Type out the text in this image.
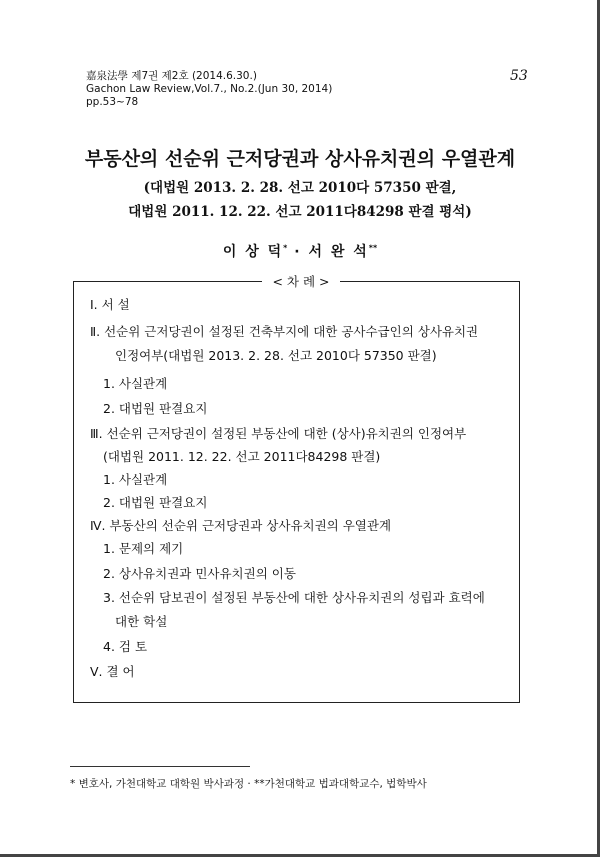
嘉泉法學 제7권 제2호 (2014.6.30.)
Gachon Law Review,Vol.7., No.2.(Jun 30, 2014)
pp.53~78
53
부동산의 선순위 근저당권과 상사유치권의 우열관계
(대법원 2013. 2. 28. 선고 2010다 57350 판결,
대법원 2011. 12. 22. 선고 2011다84298 판결 평석)
이 상 덕* · 서 완 석**
< 차 례 >
Ⅰ. 서 설
Ⅱ. 선순위 근저당권이 설정된 건축부지에 대한 공사수급인의 상사유치권
인정여부(대법원 2013. 2. 28. 선고 2010다 57350 판결)
1. 사실관계
2. 대법원 판결요지
Ⅲ. 선순위 근저당권이 설정된 부동산에 대한 (상사)유치권의 인정여부
(대법원 2011. 12. 22. 선고 2011다84298 판결)
1. 사실관계
2. 대법원 판결요지
Ⅳ. 부동산의 선순위 근저당권과 상사유치권의 우열관계
1. 문제의 제기
2. 상사유치권과 민사유치권의 이동
3. 선순위 담보권이 설정된 부동산에 대한 상사유치권의 성립과 효력에
대한 학설
4. 검 토
Ⅴ. 결 어
* 변호사, 가천대학교 대학원 박사과정 · **가천대학교 법과대학교수, 법학박사
